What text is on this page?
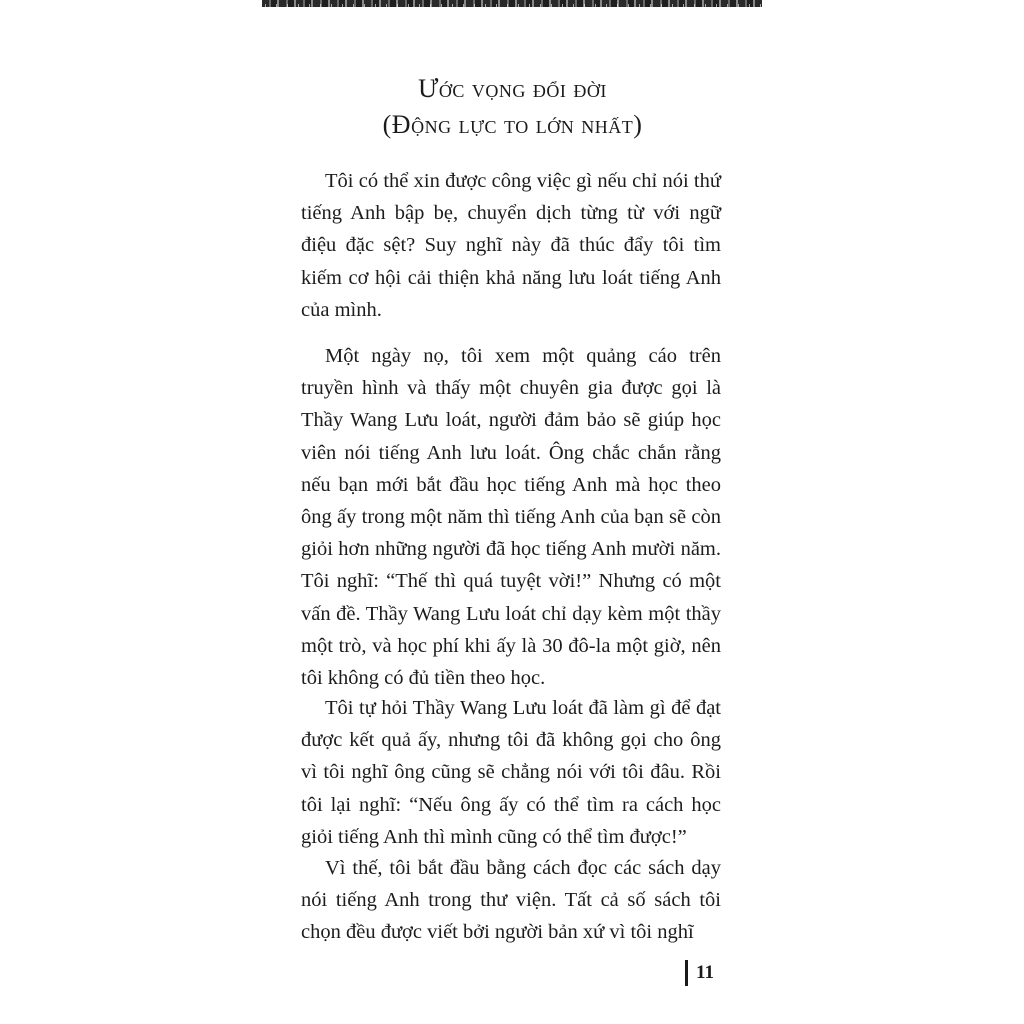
Ước vọng đổi đời
(Động lực to lớn nhất)

Tôi có thể xin được công việc gì nếu chỉ nói thứ tiếng Anh bập bẹ, chuyển dịch từng từ với ngữ điệu đặc sệt? Suy nghĩ này đã thúc đẩy tôi tìm kiếm cơ hội cải thiện khả năng lưu loát tiếng Anh của mình.

Một ngày nọ, tôi xem một quảng cáo trên truyền hình và thấy một chuyên gia được gọi là Thầy Wang Lưu loát, người đảm bảo sẽ giúp học viên nói tiếng Anh lưu loát. Ông chắc chắn rằng nếu bạn mới bắt đầu học tiếng Anh mà học theo ông ấy trong một năm thì tiếng Anh của bạn sẽ còn giỏi hơn những người đã học tiếng Anh mười năm. Tôi nghĩ: “Thế thì quá tuyệt vời!” Nhưng có một vấn đề. Thầy Wang Lưu loát chỉ dạy kèm một thầy một trò, và học phí khi ấy là 30 đô-la một giờ, nên tôi không có đủ tiền theo học.

Tôi tự hỏi Thầy Wang Lưu loát đã làm gì để đạt được kết quả ấy, nhưng tôi đã không gọi cho ông vì tôi nghĩ ông cũng sẽ chẳng nói với tôi đâu. Rồi tôi lại nghĩ: “Nếu ông ấy có thể tìm ra cách học giỏi tiếng Anh thì mình cũng có thể tìm được!”

Vì thế, tôi bắt đầu bằng cách đọc các sách dạy nói tiếng Anh trong thư viện. Tất cả số sách tôi chọn đều được viết bởi người bản xứ vì tôi nghĩ

11
